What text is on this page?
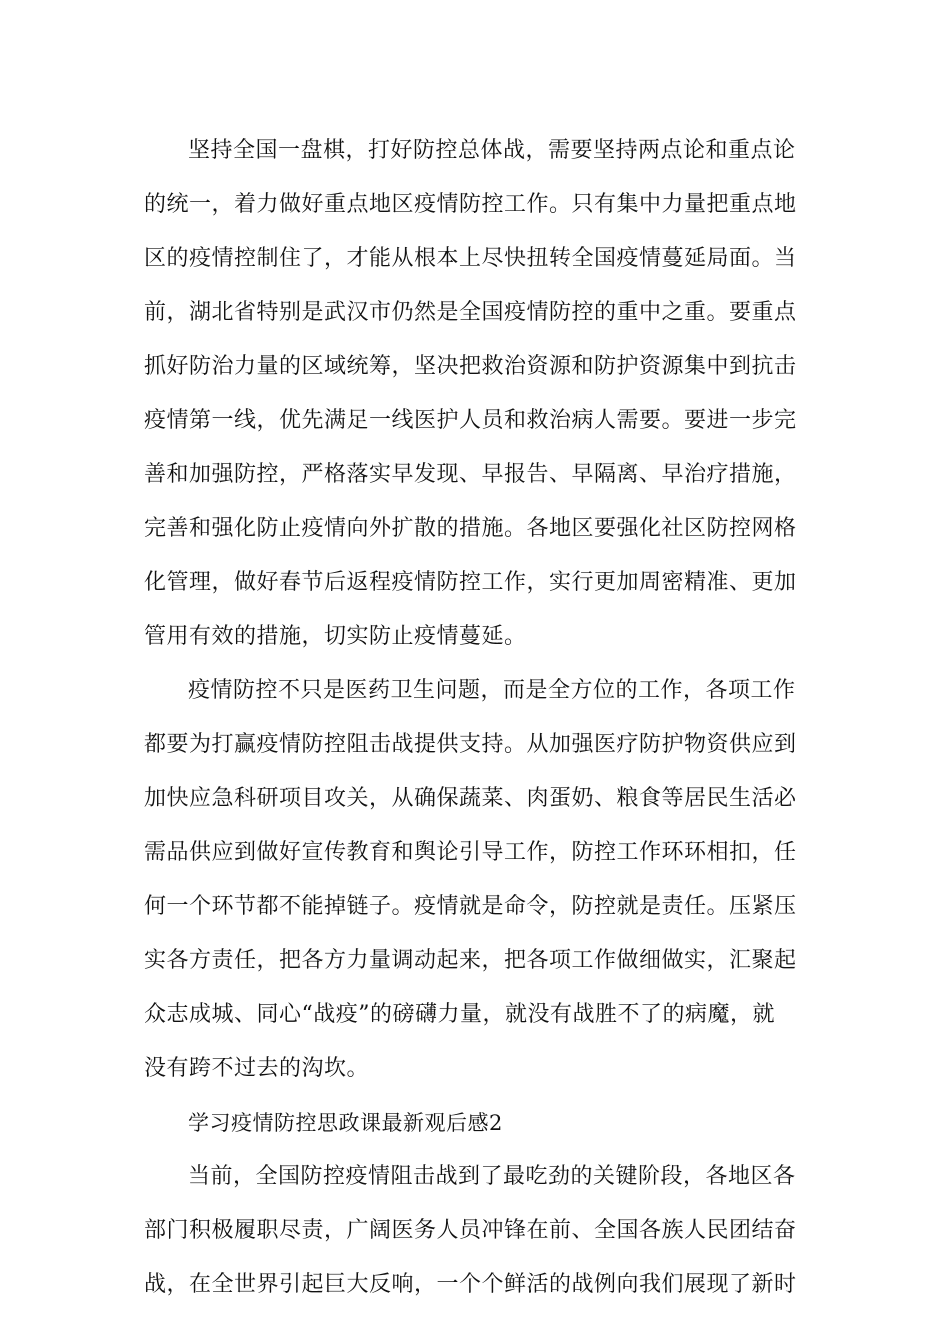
坚持全国一盘棋，打好防控总体战，需要坚持两点论和重点论
的统一，着力做好重点地区疫情防控工作。只有集中力量把重点地
区的疫情控制住了，才能从根本上尽快扭转全国疫情蔓延局面。当
前，湖北省特别是武汉市仍然是全国疫情防控的重中之重。要重点
抓好防治力量的区域统筹，坚决把救治资源和防护资源集中到抗击
疫情第一线，优先满足一线医护人员和救治病人需要。要进一步完
善和加强防控，严格落实早发现、早报告、早隔离、早治疗措施，
完善和强化防止疫情向外扩散的措施。各地区要强化社区防控网格
化管理，做好春节后返程疫情防控工作，实行更加周密精准、更加
管用有效的措施，切实防止疫情蔓延。
疫情防控不只是医药卫生问题，而是全方位的工作，各项工作
都要为打赢疫情防控阻击战提供支持。从加强医疗防护物资供应到
加快应急科研项目攻关，从确保蔬菜、肉蛋奶、粮食等居民生活必
需品供应到做好宣传教育和舆论引导工作，防控工作环环相扣，任
何一个环节都不能掉链子。疫情就是命令，防控就是责任。压紧压
实各方责任，把各方力量调动起来，把各项工作做细做实，汇聚起
众志成城、同心“战疫”的磅礴力量，就没有战胜不了的病魔，就
没有跨不过去的沟坎。
学习疫情防控思政课最新观后感2
当前，全国防控疫情阻击战到了最吃劲的关键阶段，各地区各
部门积极履职尽责，广阔医务人员冲锋在前、全国各族人民团结奋
战，在全世界引起巨大反响，一个个鲜活的战例向我们展现了新时
